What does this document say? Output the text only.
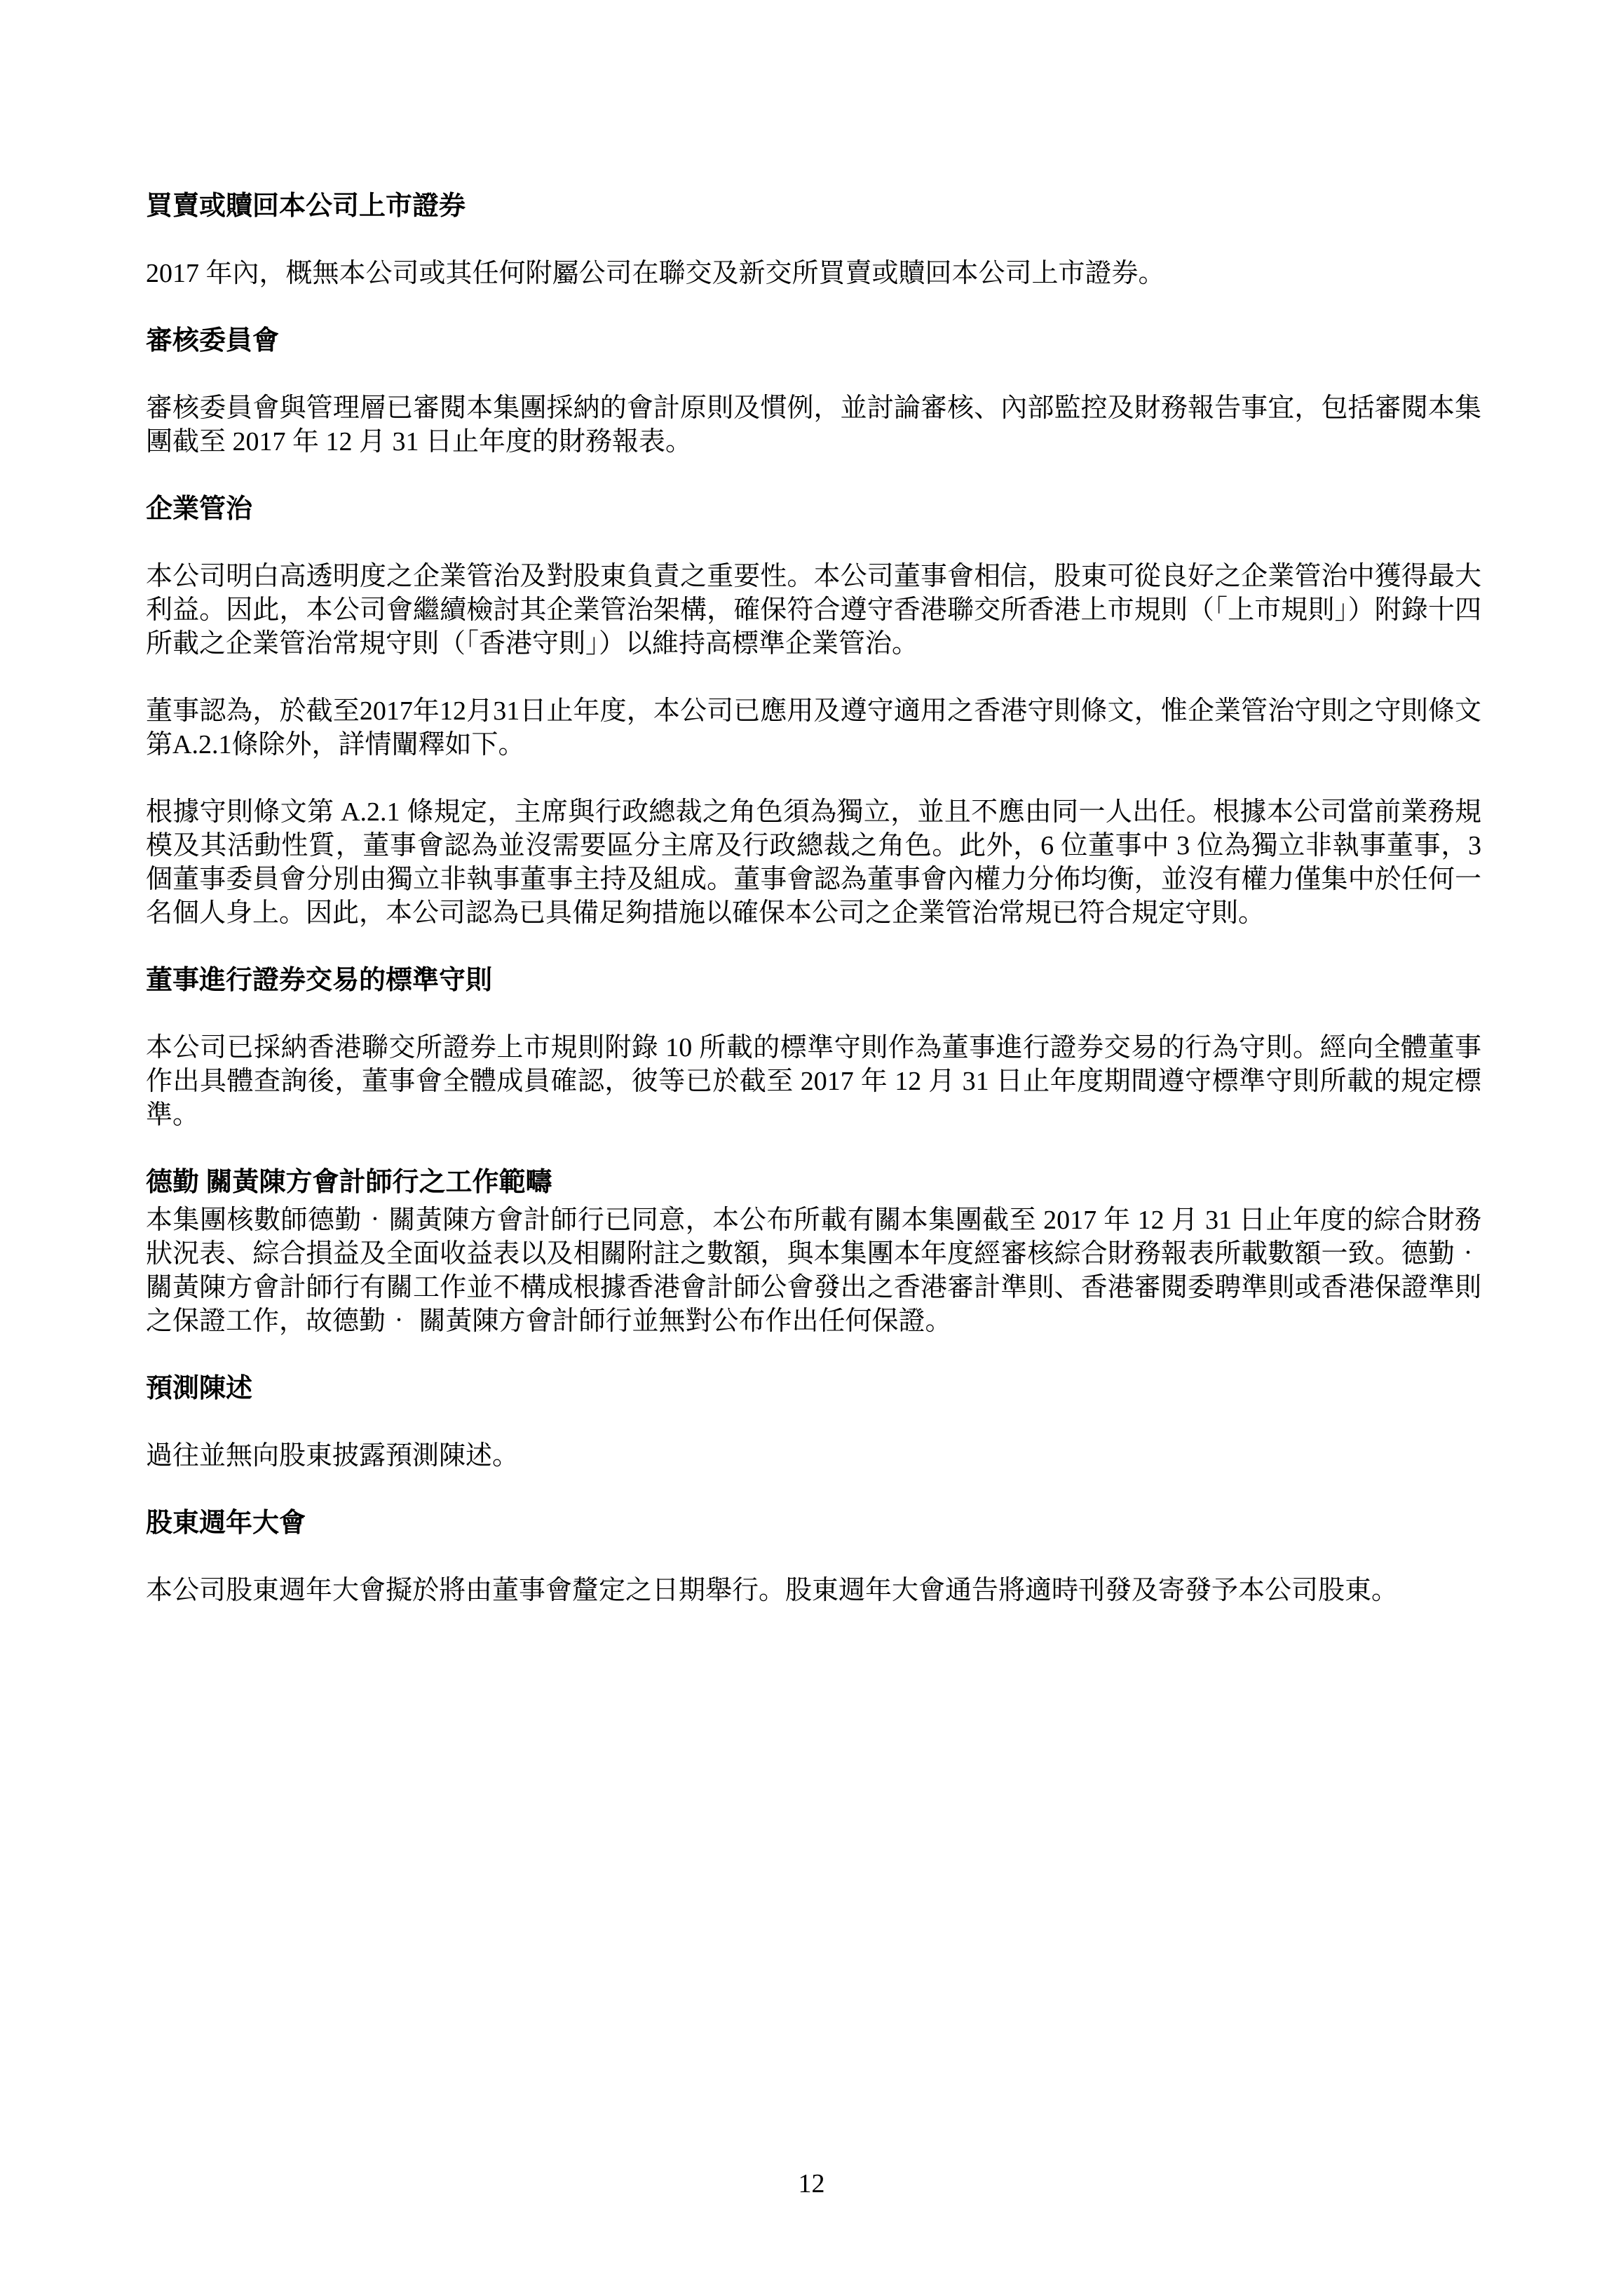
買賣或贖回本公司上市證券

2017 年內，概無本公司或其任何附屬公司在聯交及新交所買賣或贖回本公司上市證券。

審核委員會

審核委員會與管理層已審閱本集團採納的會計原則及慣例，並討論審核、內部監控及財務報告事宜，包括審閱本集團截至 2017 年 12 月 31 日止年度的財務報表。

企業管治

本公司明白高透明度之企業管治及對股東負責之重要性。本公司董事會相信，股東可從良好之企業管治中獲得最大利益。因此，本公司會繼續檢討其企業管治架構，確保符合遵守香港聯交所香港上市規則（「上市規則」）附錄十四所載之企業管治常規守則（「香港守則」）以維持高標準企業管治。

董事認為，於截至2017年12月31日止年度，本公司已應用及遵守適用之香港守則條文，惟企業管治守則之守則條文第A.2.1條除外，詳情闡釋如下。

根據守則條文第 A.2.1 條規定，主席與行政總裁之角色須為獨立，並且不應由同一人出任。根據本公司當前業務規模及其活動性質，董事會認為並沒需要區分主席及行政總裁之角色。此外，6 位董事中 3 位為獨立非執事董事，3 個董事委員會分別由獨立非執事董事主持及組成。董事會認為董事會內權力分佈均衡，並沒有權力僅集中於任何一名個人身上。因此，本公司認為已具備足夠措施以確保本公司之企業管治常規已符合規定守則。

董事進行證券交易的標準守則

本公司已採納香港聯交所證券上市規則附錄 10 所載的標準守則作為董事進行證券交易的行為守則。經向全體董事作出具體查詢後，董事會全體成員確認，彼等已於截至 2017 年 12 月 31 日止年度期間遵守標準守則所載的規定標準。

德勤 關黃陳方會計師行之工作範疇

本集團核數師德勤‧關黃陳方會計師行已同意，本公布所載有關本集團截至 2017 年 12 月 31 日止年度的綜合財務狀況表、綜合損益及全面收益表以及相關附註之數額，與本集團本年度經審核綜合財務報表所載數額一致。德勤‧關黃陳方會計師行有關工作並不構成根據香港會計師公會發出之香港審計準則、香港審閱委聘準則或香港保證準則之保證工作，故德勤‧ 關黃陳方會計師行並無對公布作出任何保證。

預測陳述

過往並無向股東披露預測陳述。

股東週年大會

本公司股東週年大會擬於將由董事會釐定之日期舉行。股東週年大會通告將適時刊發及寄發予本公司股東。

12
